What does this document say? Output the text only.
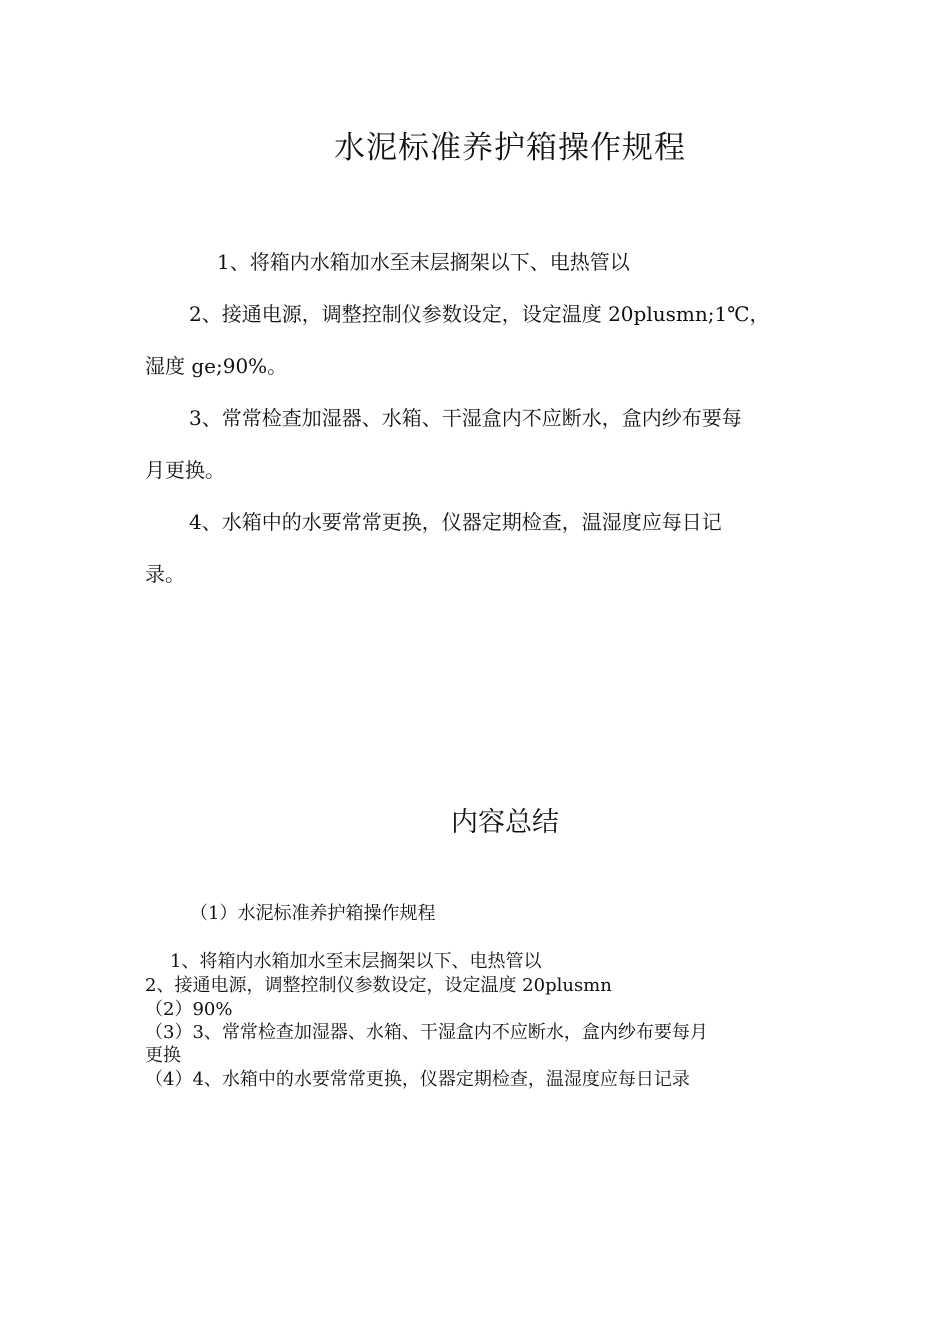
水泥标准养护箱操作规程
1、将箱内水箱加水至末层搁架以下、电热管以
2、接通电源，调整控制仪参数设定，设定温度 20plusmn;1℃，
湿度 ge;90%。
3、常常检查加湿器、水箱、干湿盒内不应断水，盒内纱布要每
月更换。
4、水箱中的水要常常更换，仪器定期检查，温湿度应每日记
录。
内容总结
（1）水泥标准养护箱操作规程
1、将箱内水箱加水至末层搁架以下、电热管以
2、接通电源，调整控制仪参数设定，设定温度 20plusmn
（2）90%
（3）3、常常检查加湿器、水箱、干湿盒内不应断水，盒内纱布要每月
更换
（4）4、水箱中的水要常常更换，仪器定期检查，温湿度应每日记录
